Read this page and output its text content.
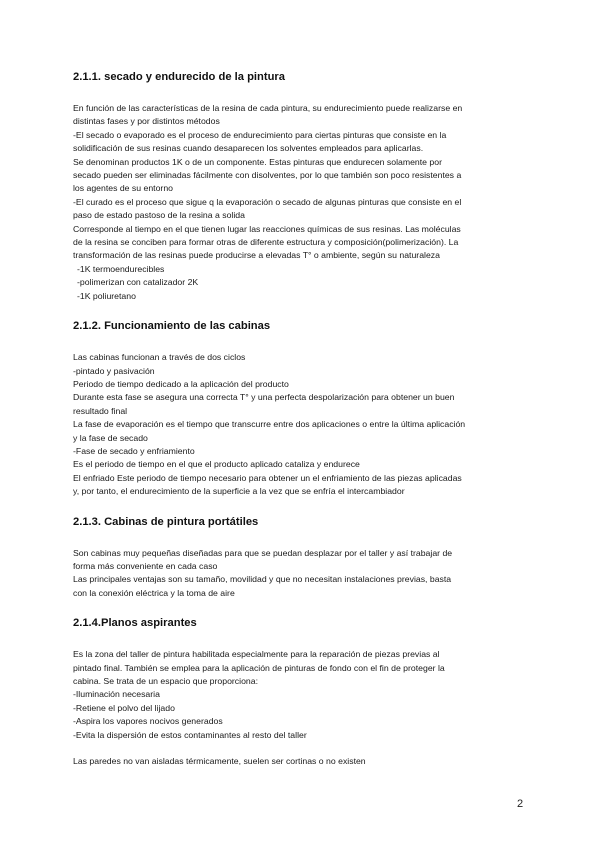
2.1.1. secado y endurecido de la pintura
En función de las características de la resina de cada pintura, su endurecimiento puede realizarse en
distintas fases y por distintos métodos
-El secado o evaporado es el proceso de endurecimiento para ciertas pinturas que consiste en la
solidificación de sus resinas cuando desaparecen los solventes empleados para aplicarlas.
Se denominan productos 1K o de un componente. Estas pinturas que endurecen solamente por
secado pueden ser eliminadas fácilmente con disolventes, por lo que también son poco resistentes a
los agentes de su entorno
-El curado es el proceso que sigue q la evaporación o secado de algunas pinturas que consiste en el
paso de estado pastoso de la resina a solida
Corresponde al tiempo en el que tienen lugar las reacciones químicas de sus resinas. Las moléculas
de la resina se conciben para formar otras de diferente estructura y composición(polimerización). La
transformación de las resinas puede producirse a elevadas T° o ambiente, según su naturaleza
-1K termoendurecibles
-polimerizan con catalizador 2K
-1K poliuretano
2.1.2. Funcionamiento de las cabinas
Las cabinas funcionan a través de dos ciclos
-pintado y pasivación
Periodo de tiempo dedicado a la aplicación del producto
Durante esta fase se asegura una correcta T° y una perfecta despolarización para obtener un buen
resultado final
La fase de evaporación es el tiempo que transcurre entre dos aplicaciones o entre la última aplicación
y la fase de secado
-Fase de secado y enfriamiento
Es el periodo de tiempo en el que el producto aplicado cataliza y endurece
El enfriado Este periodo de tiempo necesario para obtener un el enfriamiento de las piezas aplicadas
y, por tanto, el endurecimiento de la superficie a la vez que se enfría el intercambiador
2.1.3. Cabinas de pintura portátiles
Son cabinas muy pequeñas diseñadas para que se puedan desplazar por el taller y así trabajar de
forma más conveniente en cada caso
Las principales ventajas son su tamaño, movilidad y que no necesitan instalaciones previas, basta
con la conexión eléctrica y la toma de aire
2.1.4.Planos aspirantes
Es la zona del taller de pintura habilitada especialmente para la reparación de piezas previas al
pintado final. También se emplea para la aplicación de pinturas de fondo con el fin de proteger la
cabina. Se trata de un espacio que proporciona:
-Iluminación necesaria
-Retiene el polvo del lijado
-Aspira los vapores nocivos generados
-Evita la dispersión de estos contaminantes al resto del taller
Las paredes no van aisladas térmicamente, suelen ser cortinas o no existen
2
